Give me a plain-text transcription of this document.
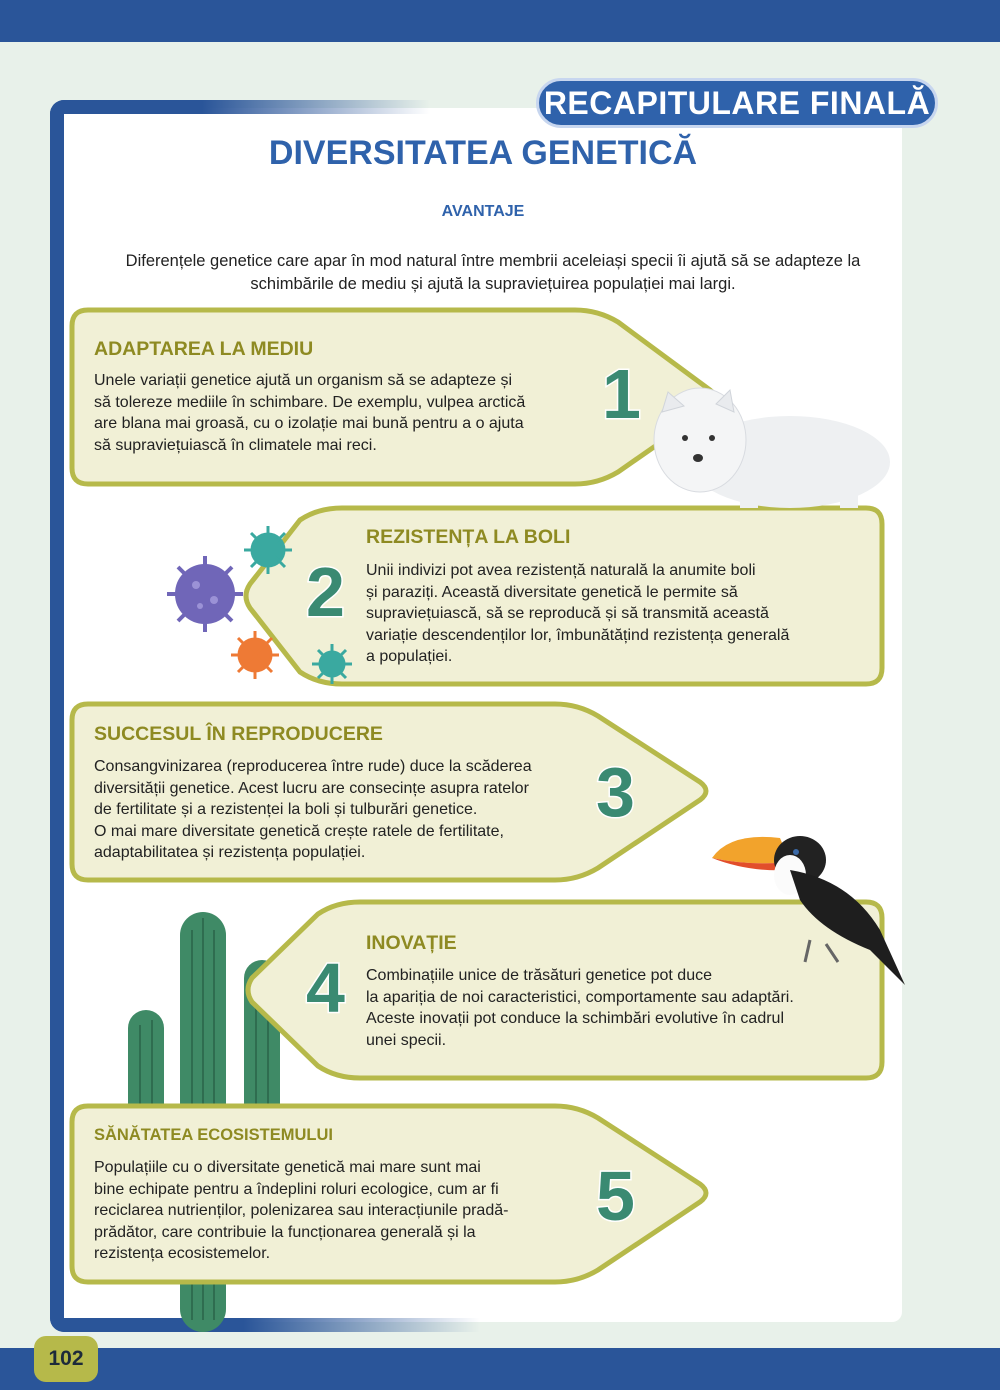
RECAPITULARE FINALĂ
DIVERSITATEA GENETICĂ
AVANTAJE
Diferențele genetice care apar în mod natural între membrii aceleiași specii îi ajută să se adapteze la schimbările de mediu și ajută la supraviețuirea populației mai largi.
ADAPTAREA LA MEDIU
Unele variații genetice ajută un organism să se adapteze și
să tolereze mediile în schimbare. De exemplu, vulpea arctică
are blana mai groasă, cu o izolație mai bună pentru a o ajuta
să supraviețuiască în climatele mai reci.
1
REZISTENȚA LA BOLI
Unii indivizi pot avea rezistență naturală la anumite boli
și paraziți. Această diversitate genetică le permite să
supraviețuiască, să se reproducă și să transmită această
variație descendenților lor, îmbunătățind rezistența generală
a populației.
2
SUCCESUL ÎN REPRODUCERE
Consangvinizarea (reproducerea între rude) duce la scăderea
diversității genetice. Acest lucru are consecințe asupra ratelor
de fertilitate și a rezistenței la boli și tulburări genetice.
O mai mare diversitate genetică crește ratele de fertilitate,
adaptabilitatea și rezistența populației.
3
INOVAȚIE
Combinațiile unice de trăsături genetice pot duce
la apariția de noi caracteristici, comportamente sau adaptări.
Aceste inovații pot conduce la schimbări evolutive în cadrul
unei specii.
4
SĂNĂTATEA ECOSISTEMULUI
Populațiile cu o diversitate genetică mai mare sunt mai
bine echipate pentru a îndeplini roluri ecologice, cum ar fi
reciclarea nutrienților, polenizarea sau interacțiunile pradă-
prădător, care contribuie la funcționarea generală și la
rezistența ecosistemelor.
5
102
